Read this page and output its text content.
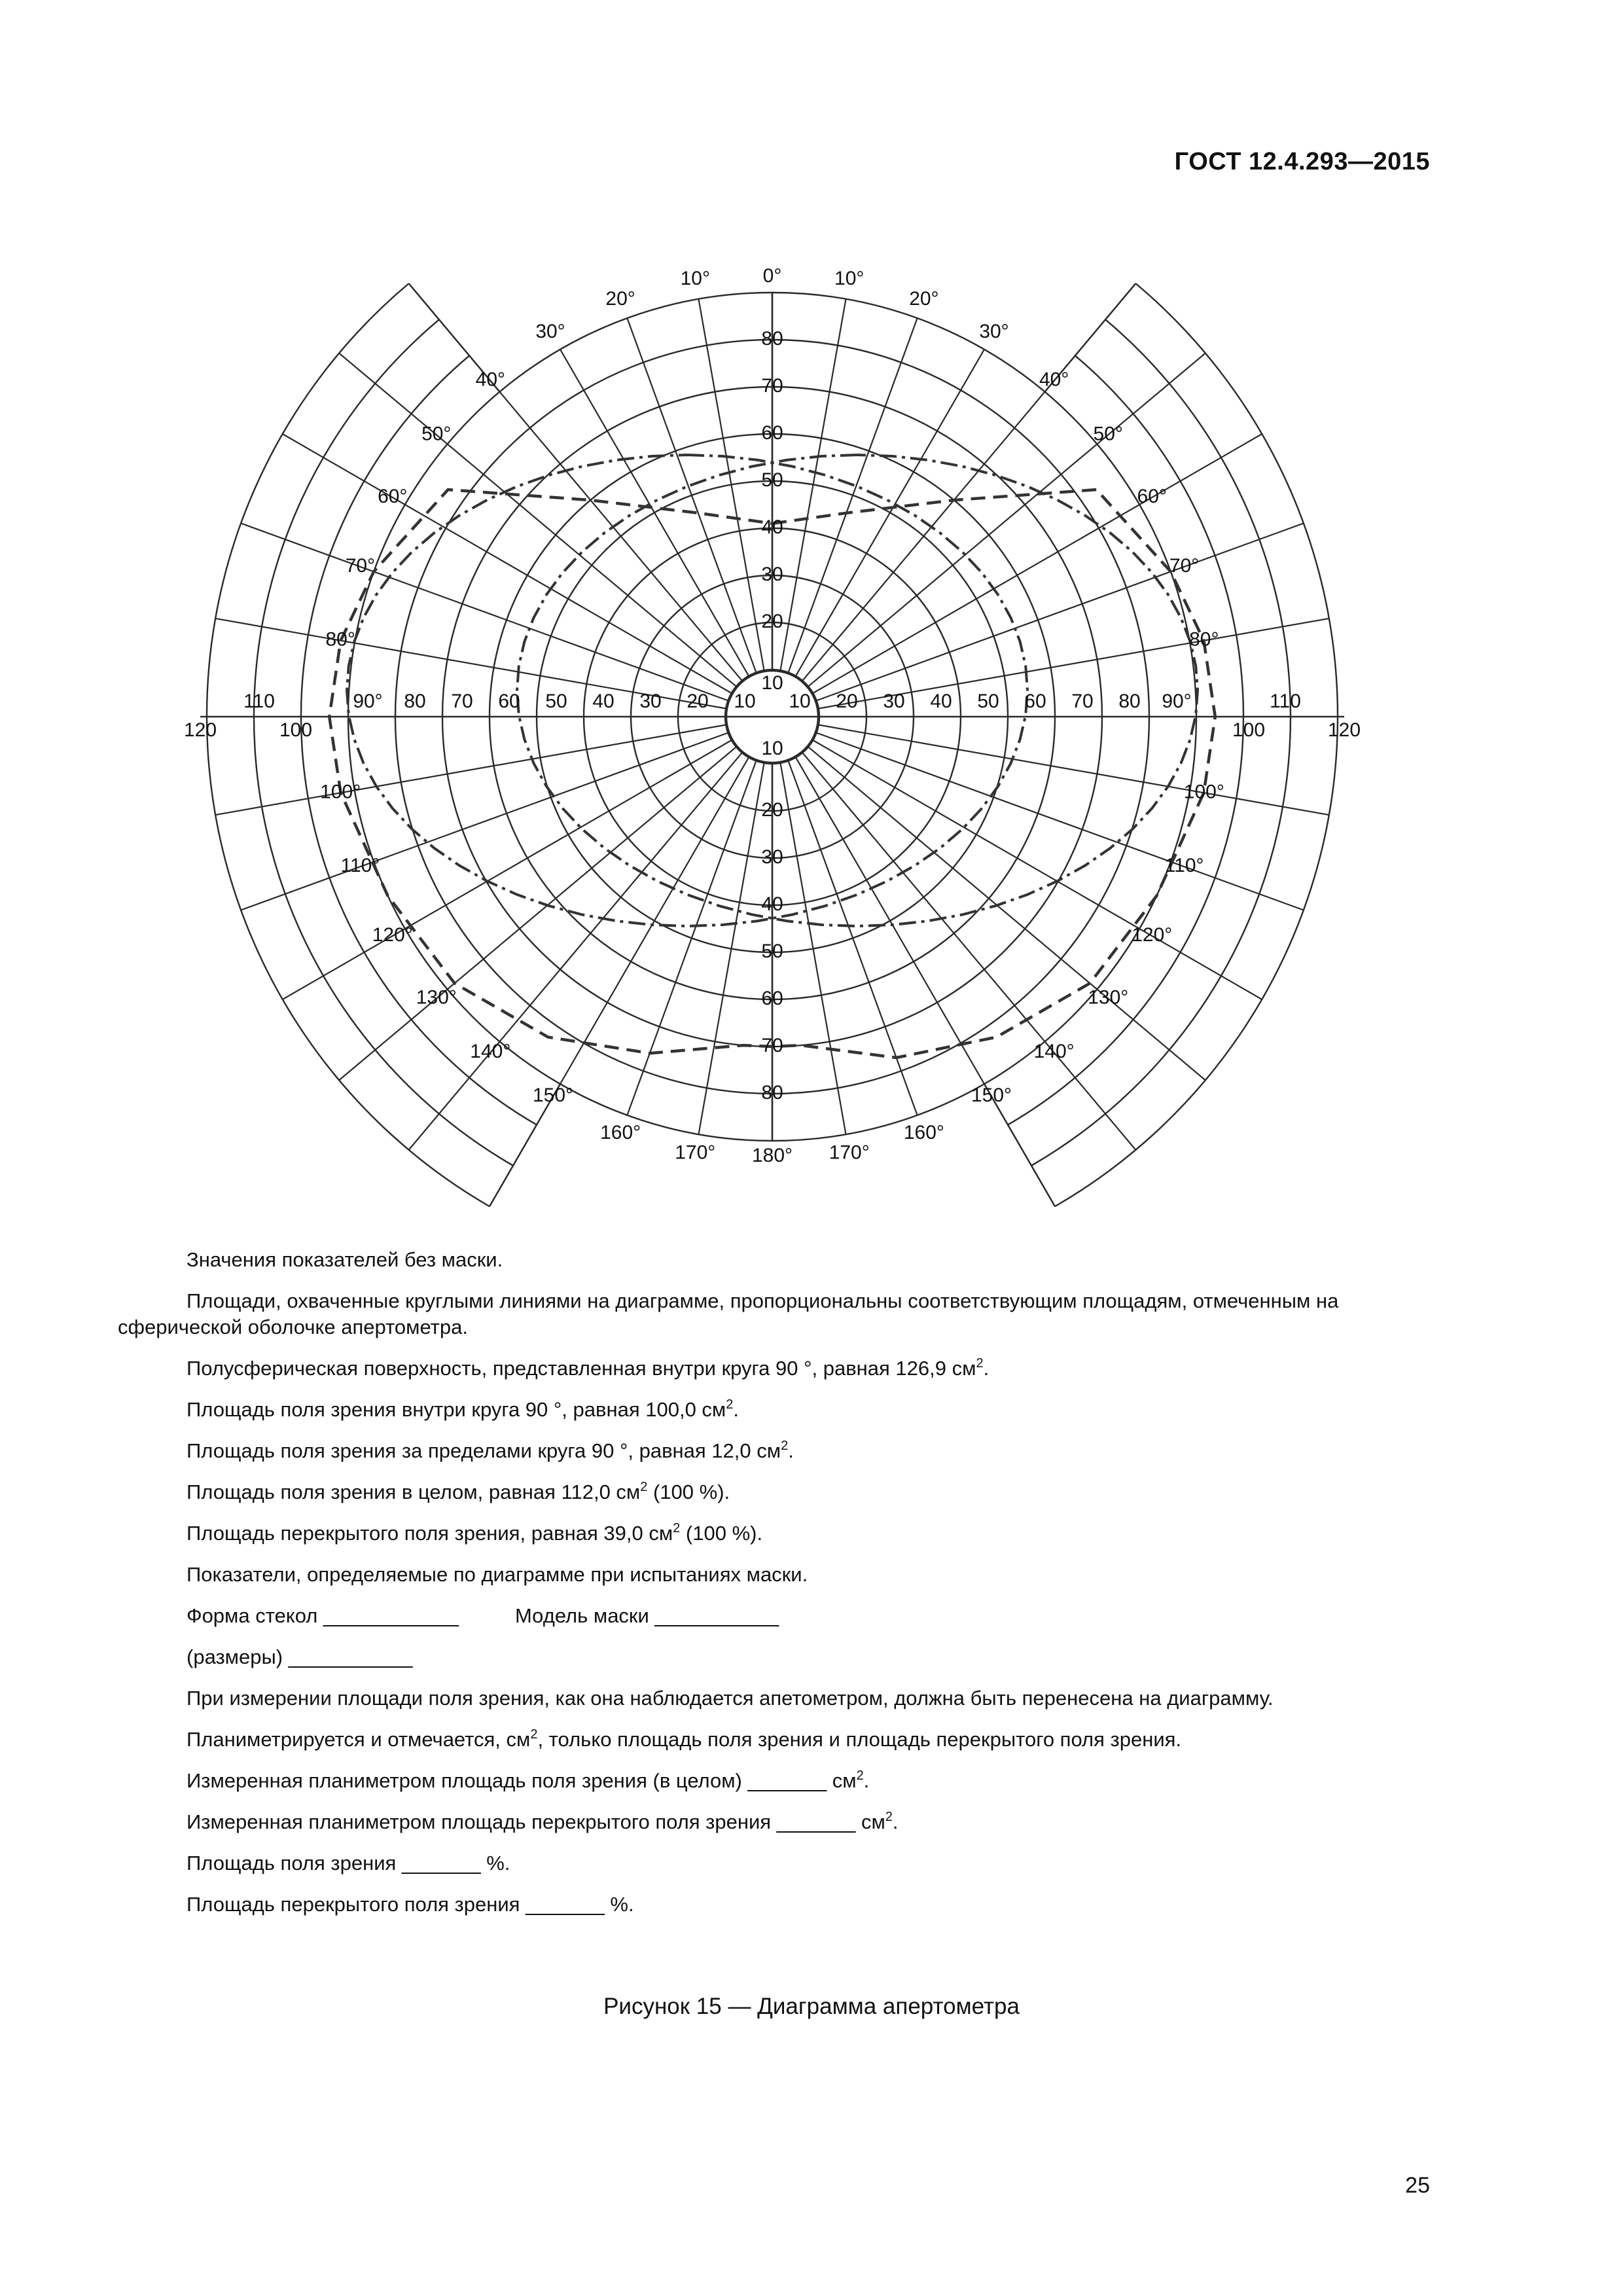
ГОСТ 12.4.293—2015
10
20
30
40
50
60
70
80
10
20
30
40
50
60
70
80
120
110
100
90° 80 70 60 50 40 30 20 10 10 20 30 40 50 60 70 80 90°	110
100	120
0°
10°
20°
30°
40°
50°
60°
70°
80°
100°
110°
120°
130°
140°
150°
160°
170° 180° 170°
160°
150°
140°
130°
120°
110°
100°
80°
70°
60°
50°
40°
30°
20°
10°
Значения показателей без маски.
Площади, охваченные круглыми линиями на диаграмме, пропорциональны соответствующим площадям, отмеченным на сферической оболочке апертометра.
Полусферическая поверхность, представленная внутри круга 90 °, равная 126,9 $см^2$.
Площадь поля зрения внутри круга 90 °, равная 100,0 $см^2$.
Площадь поля зрения за пределами круга 90 °, равная 12,0 $см^2$.
Площадь поля зрения в целом, равная 112,0 $см^2$ (100 %).
Площадь перекрытого поля зрения, равная 39,0 $см^2$ (100 %).
Показатели, определяемые по диаграмме при испытаниях маски.
Форма стекол ____________          Модель маски ___________
(размеры) ___________
При измерении площади поля зрения, как она наблюдается апетометром, должна быть перенесена на диаграмму.
Планиметрируется и отмечается, $см^2$, только площадь поля зрения и площадь перекрытого поля зрения.
Измеренная планиметром площадь поля зрения (в целом) _______ $см^2$.
Измеренная планиметром площадь перекрытого поля зрения _______ $см^2$.
Площадь поля зрения _______ %.
Площадь перекрытого поля зрения _______ %.
Рисунок 15 — Диаграмма апертометра
25
